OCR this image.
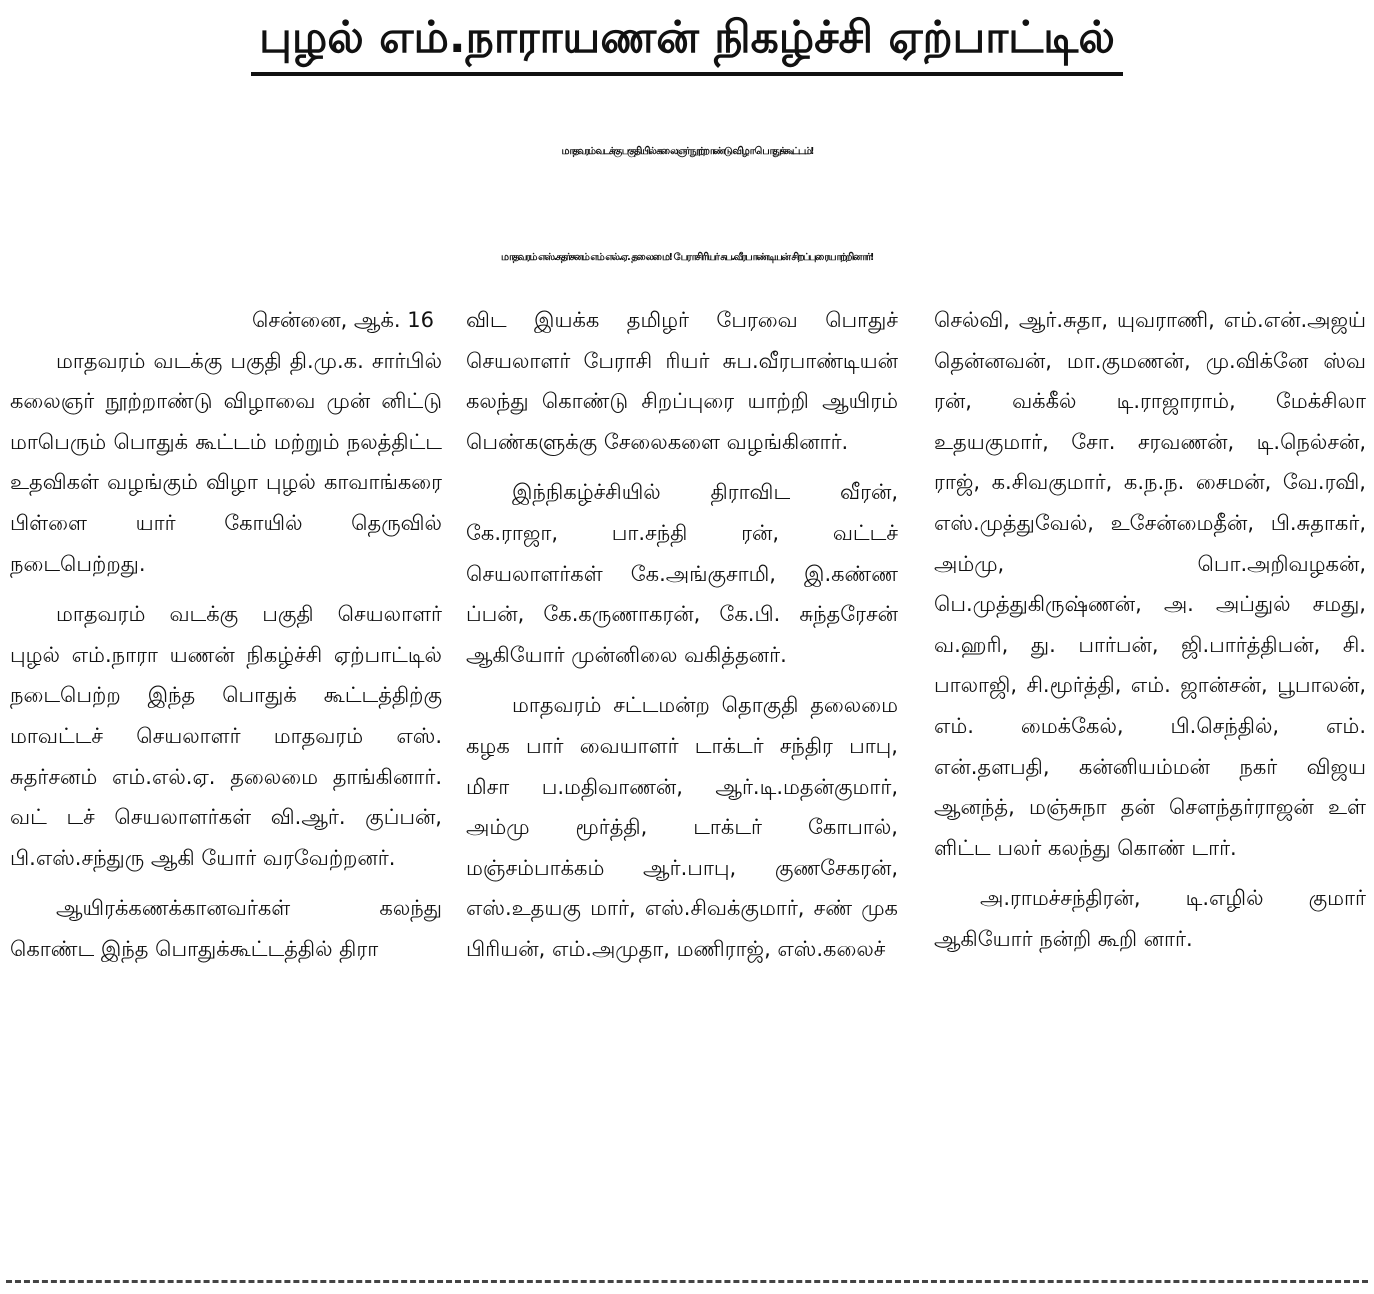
புழல் எம்.நாராயணன் நிகழ்ச்சி ஏற்பாட்டில்
மாதவரம் வடக்கு பகுதியில் கலைஞர் நூற்றாண்டு விழா பொதுக்கூட்டம்!
மாதவரம் எஸ்.சுதர்சனம் எம் எல்.ஏ. தலைமை! பேராசிரியர் சுப.வீரபாண்டியன் சிறப்புரையாற்றினார்!

சென்னை, ஆக். 16

மாதவரம் வடக்கு பகுதி தி.மு.க. சார்பில் கலைஞர் நூற்றாண்டு விழாவை முன் னிட்டு மாபெரும் பொதுக் கூட்டம் மற்றும் நலத்திட்ட உதவிகள் வழங்கும் விழா புழல் காவாங்கரை பிள்ளை யார் கோயில் தெருவில் நடைபெற்றது.

மாதவரம் வடக்கு பகுதி செயலாளர் புழல் எம்.நாரா யணன் நிகழ்ச்சி ஏற்பாட்டில் நடைபெற்ற இந்த பொதுக் கூட்டத்திற்கு மாவட்டச் செயலாளர் மாதவரம் எஸ். சுதர்சனம் எம்.எல்.ஏ. தலைமை தாங்கினார். வட் டச் செயலாளர்கள் வி.ஆர். குப்பன், பி.எஸ்.சந்துரு ஆகி யோர் வரவேற்றனர்.

ஆயிரக்கணக்கானவர்கள் கலந்து கொண்ட இந்த பொதுக்கூட்டத்தில் திரா

விட இயக்க தமிழர் பேரவை பொதுச் செயலாளர் பேராசி ரியர் சுப.வீரபாண்டியன் கலந்து கொண்டு சிறப்புரை யாற்றி ஆயிரம் பெண்களுக்கு சேலைகளை வழங்கினார்.

இந்நிகழ்ச்சியில் திராவிட வீரன், கே.ராஜா, பா.சந்தி ரன், வட்டச் செயலாளர்கள் கே.அங்குசாமி, இ.கண்ண ப்பன், கே.கருணாகரன், கே.பி. சுந்தரேசன் ஆகியோர் முன்னிலை வகித்தனர்.

மாதவரம் சட்டமன்ற தொகுதி தலைமை கழக பார் வையாளர் டாக்டர் சந்திர பாபு, மிசா ப.மதிவாணன், ஆர்.டி.மதன்குமார், அம்மு மூர்த்தி, டாக்டர் கோபால், மஞ்சம்பாக்கம் ஆர்.பாபு, குணசேகரன், எஸ்.உதயகு மார், எஸ்.சிவக்குமார், சண் முக பிரியன், எம்.அமுதா, மணிராஜ், எஸ்.கலைச்

செல்வி, ஆர்.சுதா, யுவராணி, எம்.என்.அஜய் தென்னவன், மா.குமணன், மு.விக்னே ஸ்வ ரன், வக்கீல் டி.ராஜாராம், மேக்சிலா உதயகுமார், சோ. சரவணன், டி.நெல்சன், ராஜ், க.சிவகுமார், க.ந.ந. சைமன், வே.ரவி, எஸ்.முத்துவேல், உசேன்மைதீன், பி.சுதாகர், அம்மு, பொ.அறிவழகன், பெ.முத்துகிருஷ்ணன், அ. அப்துல் சமது, வ.ஹரி, து. பார்பன், ஜி.பார்த்திபன், சி. பாலாஜி, சி.மூர்த்தி, எம். ஜான்சன், பூபாலன், எம். மைக்கேல், பி.செந்தில், எம். என்.தளபதி, கன்னியம்மன் நகர் விஜய ஆனந்த், மஞ்சுநா தன் சௌந்தர்ராஜன் உள் ளிட்ட பலர் கலந்து கொண் டார்.

அ.ராமச்சந்திரன், டி.எழில் குமார் ஆகியோர் நன்றி கூறி னார்.
